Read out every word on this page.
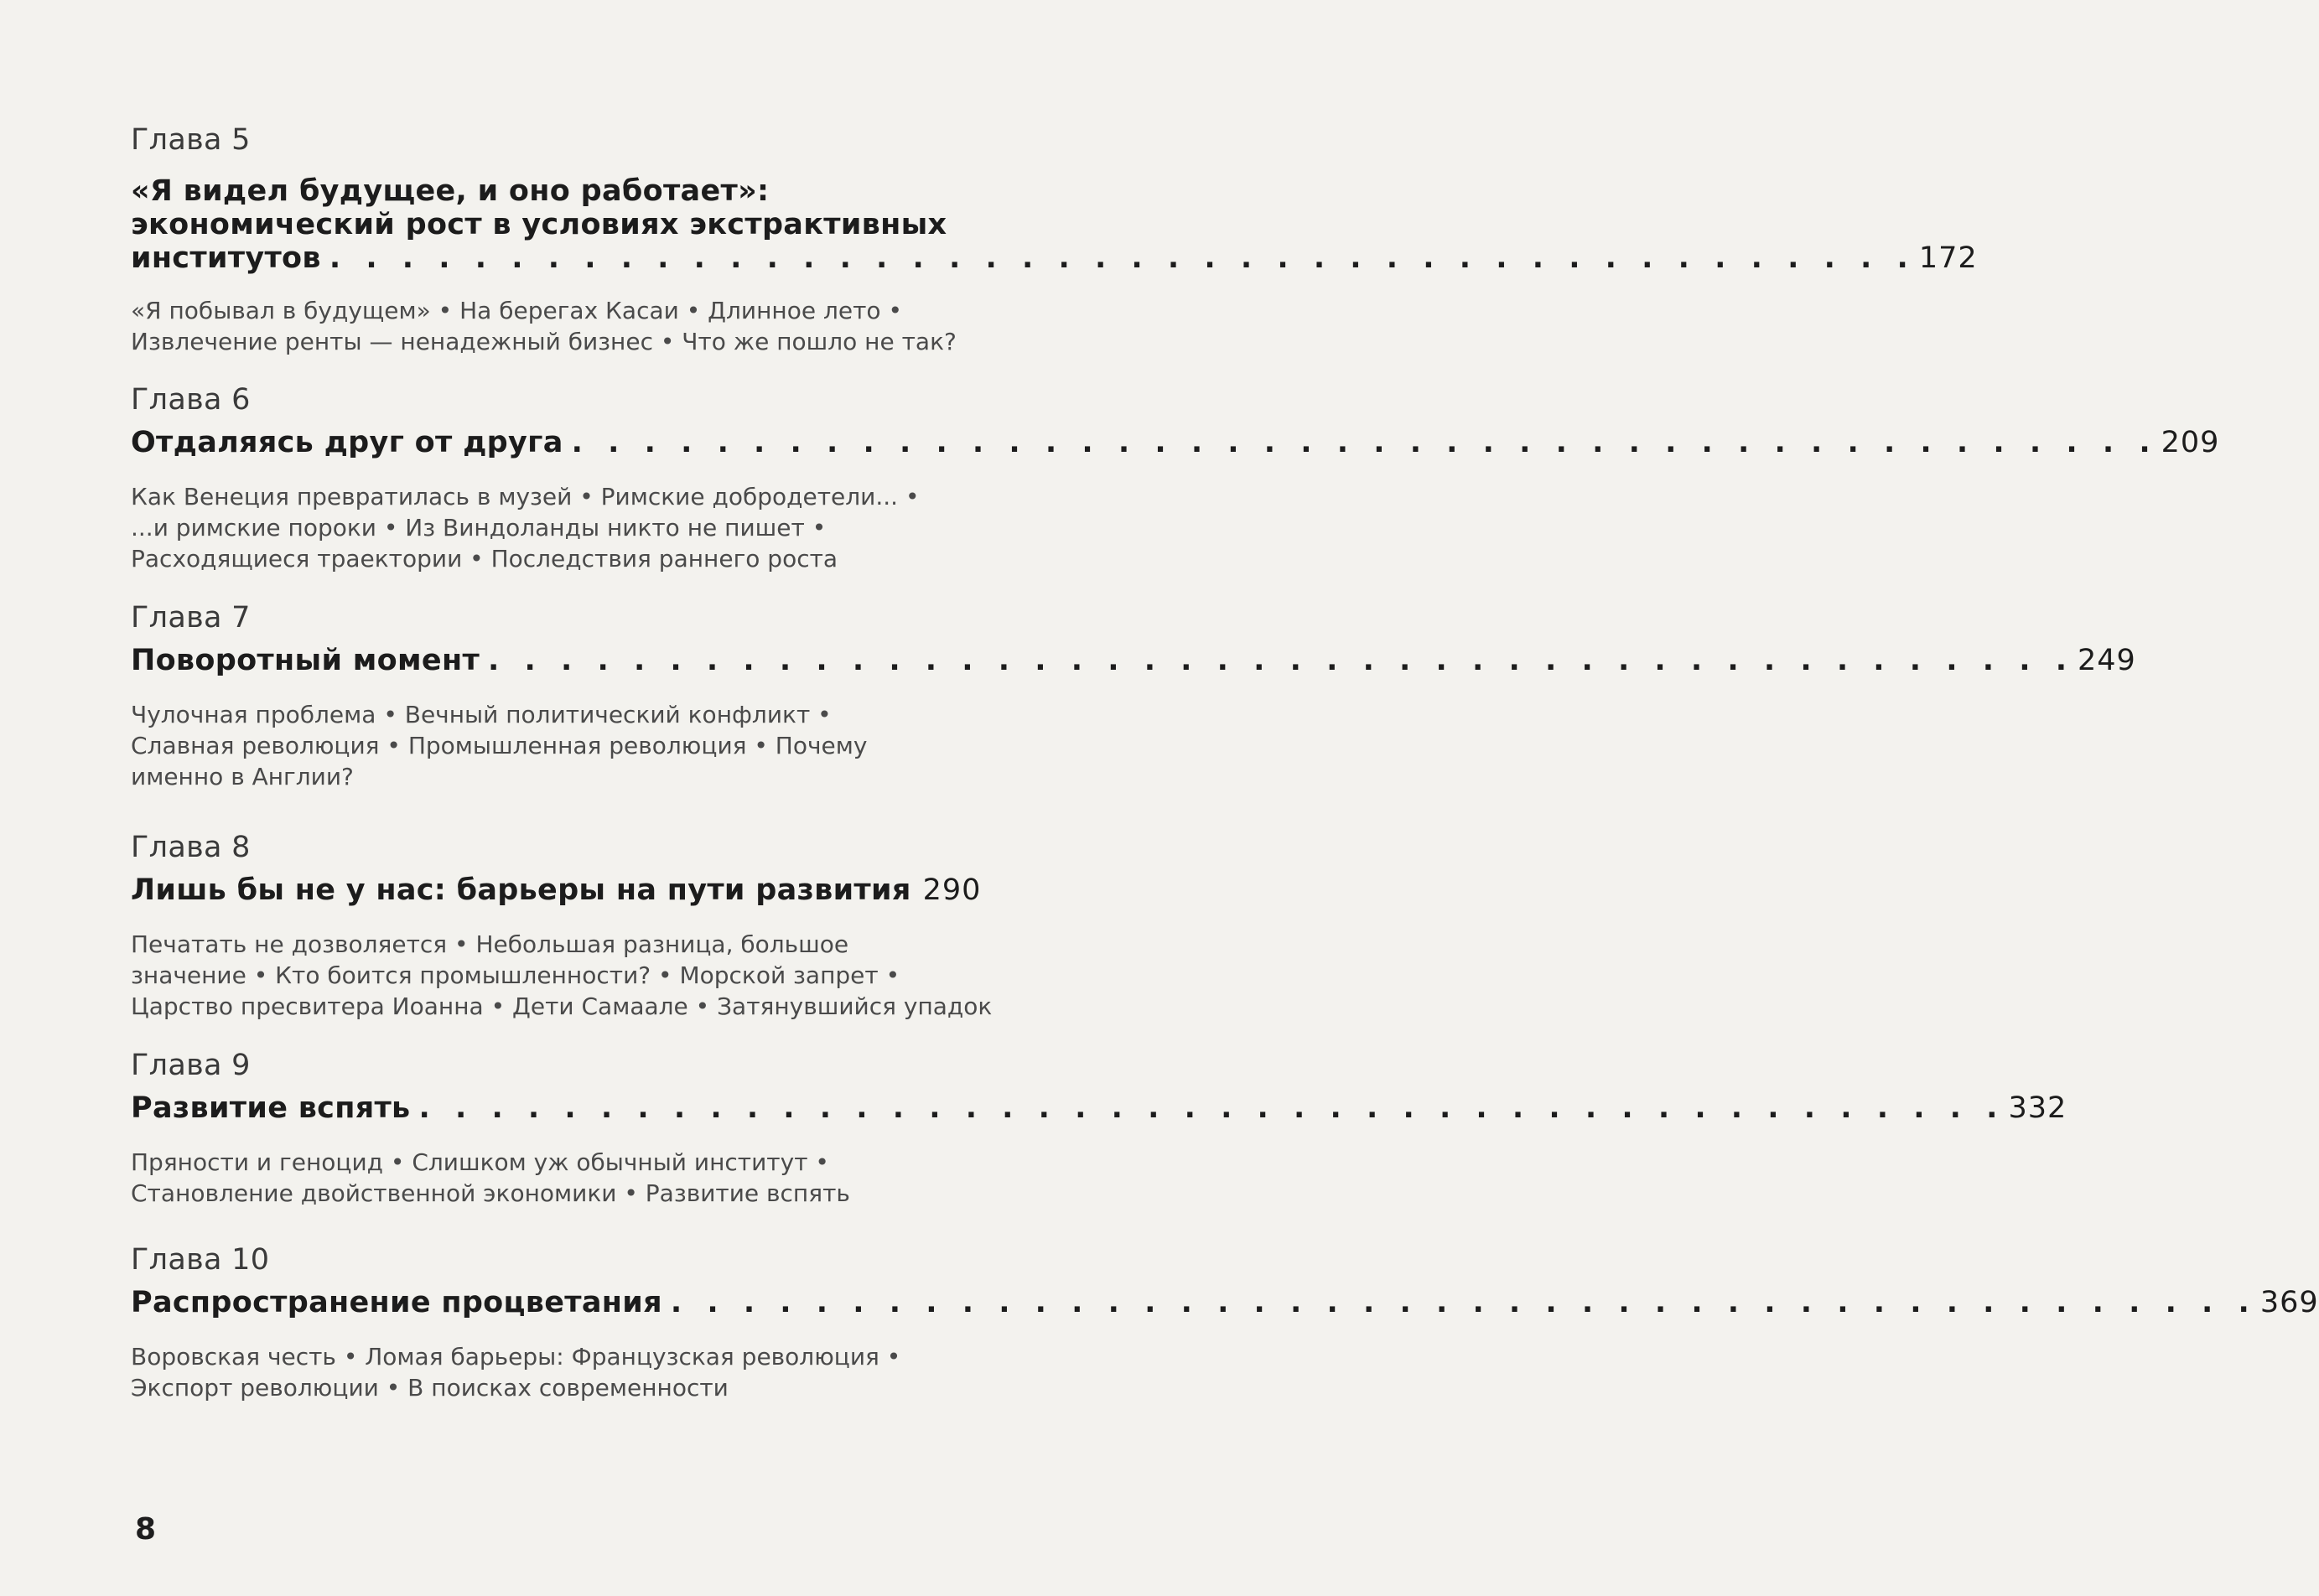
Глава 5
«Я видел будущее, и оно работает»:
экономический рост в условиях экстрактивных
институтов . . . . . . . . . . . . . . . . . . . . . . . . . . . . . . . . . . . . . . . . . . . . 172
«Я побывал в будущем» • На берегах Касаи • Длинное лето •
Извлечение ренты — ненадежный бизнес • Что же пошло не так?
Глава 6
Отдаляясь друг от друга . . . . . . . . . . . . . . . . . . . . . . . . . . . . . . . . . . . . . . . . . . . . 209
Как Венеция превратилась в музей • Римские добродетели... •
...и римские пороки • Из Виндоланды никто не пишет •
Расходящиеся траектории • Последствия раннего роста
Глава 7
Поворотный момент . . . . . . . . . . . . . . . . . . . . . . . . . . . . . . . . . . . . . . . . . . . . 249
Чулочная проблема • Вечный политический конфликт •
Славная революция • Промышленная революция • Почему
именно в Англии?
Глава 8
Лишь бы не у нас: барьеры на пути развития 290
Печатать не дозволяется • Небольшая разница, большое
значение • Кто боится промышленности? • Морской запрет •
Царство пресвитера Иоанна • Дети Самаале • Затянувшийся упадок
Глава 9
Развитие вспять . . . . . . . . . . . . . . . . . . . . . . . . . . . . . . . . . . . . . . . . . . . . 332
Пряности и геноцид • Слишком уж обычный институт •
Становление двойственной экономики • Развитие вспять
Глава 10
Распространение процветания . . . . . . . . . . . . . . . . . . . . . . . . . . . . . . . . . . . . . . . . . . . . 369
Воровская честь • Ломая барьеры: Французская революция •
Экспорт революции • В поисках современности
8
